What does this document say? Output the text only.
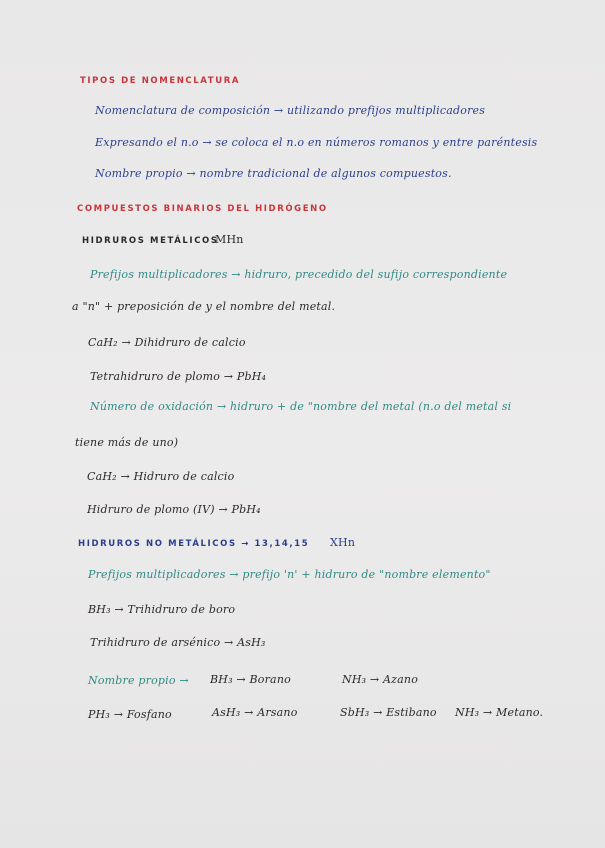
TIPOS DE NOMENCLATURA
Nomenclatura de composición → utilizando prefijos multiplicadores
Expresando el n.o → se coloca el n.o en números romanos y entre paréntesis
Nombre propio → nombre tradicional de algunos compuestos.
COMPUESTOS BINARIOS DEL HIDRÓGENO
HIDRUROS METÁLICOS
MHn
Prefijos multiplicadores → hidruro, precedido del sufijo correspondiente
a "n" + preposición de y el nombre del metal.
CaH₂ → Dihidruro de calcio
Tetrahidruro de plomo → PbH₄
Número de oxidación → hidruro + de "nombre del metal (n.o del metal si
tiene más de uno)
CaH₂ → Hidruro de calcio
Hidruro de plomo (IV) → PbH₄
HIDRUROS NO METÁLICOS → 13,14,15 XHn
Prefijos multiplicadores → prefijo 'n' + hidruro de "nombre elemento"
BH₃ → Trihidruro de boro
Trihidruro de arsénico → AsH₃
Nombre propio → BH₃ → Borano	NH₃ → Azano
PH₃ → Fosfano	AsH₃ → Arsano	SbH₃ → Estibano NH₃ → Metano.
